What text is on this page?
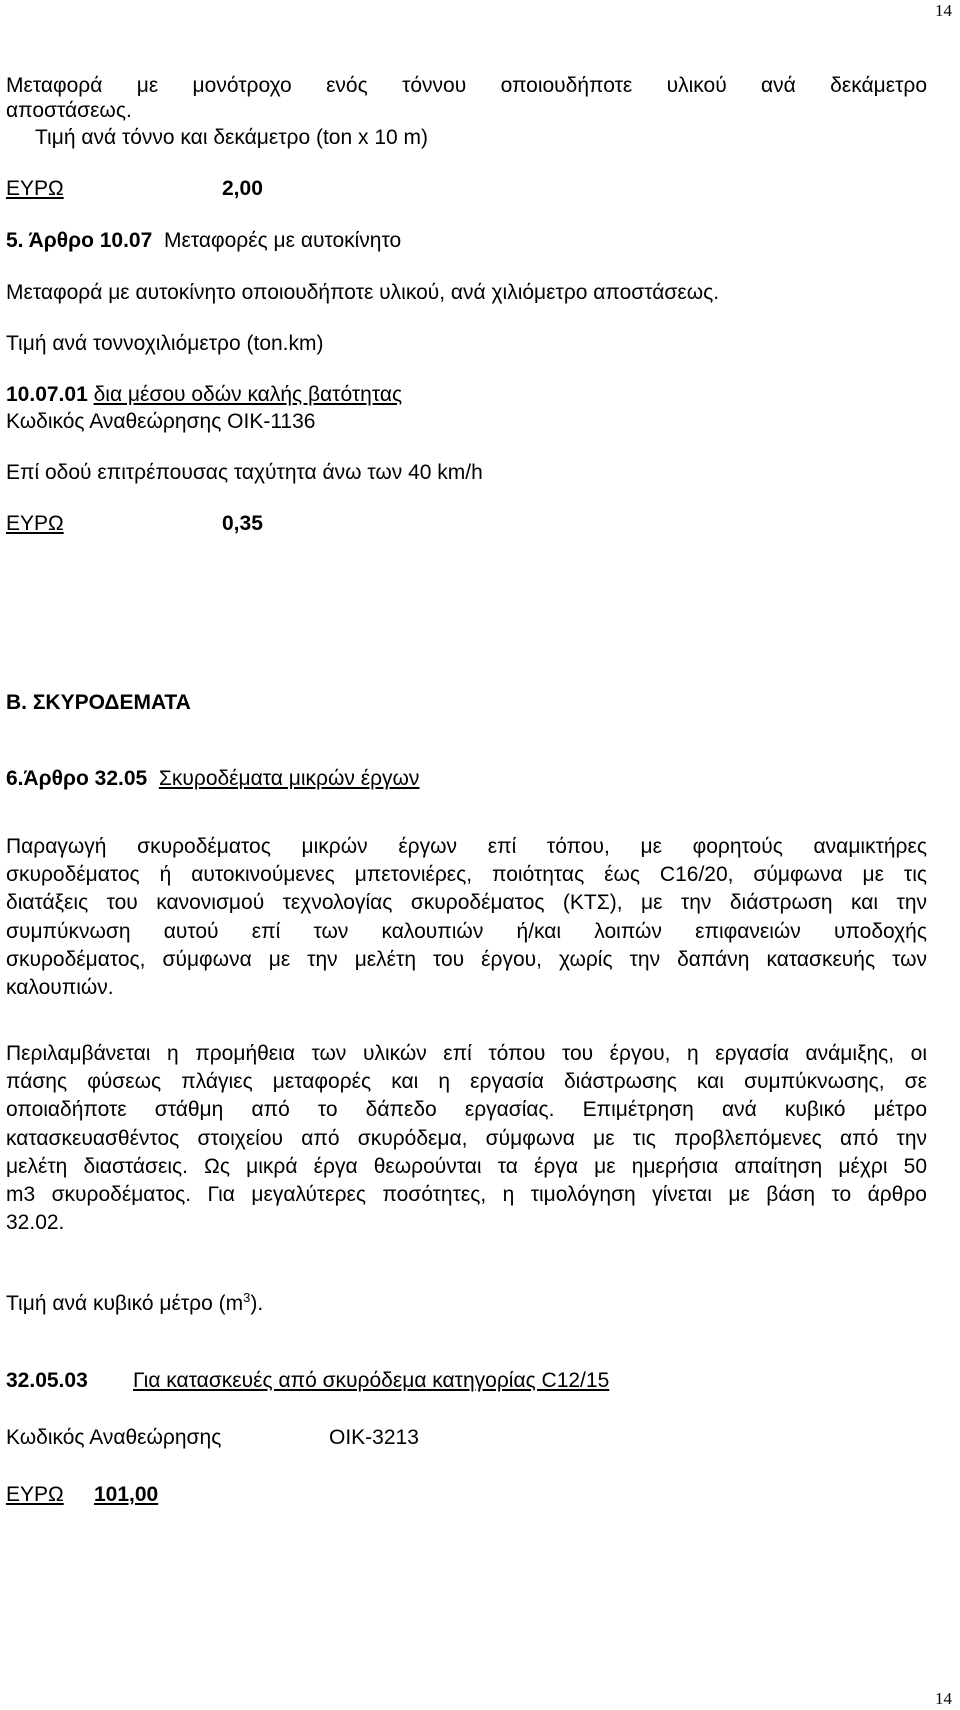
14
14
Μεταφορά με μονότροχο ενός τόννου οποιουδήποτε υλικού ανά δεκάμετρο
αποστάσεως.
Τιμή ανά τόννο και δεκάμετρο (ton x 10 m)
ΕΥΡΩ	2,00
5. Άρθρο 10.07 Μεταφορές με αυτοκίνητο
Μεταφορά με αυτοκίνητο οποιουδήποτε υλικού, ανά χιλιόμετρο αποστάσεως.
Τιμή ανά τοννοχιλιόμετρο (ton.km)
10.07.01 δια μέσου οδών καλής βατότητας
Κωδικός Αναθεώρησης ΟΙΚ-1136
Επί οδού επιτρέπουσας ταχύτητα άνω των 40 km/h
ΕΥΡΩ	0,35
Β. ΣΚΥΡΟΔΕΜΑΤΑ
6.Άρθρο 32.05 Σκυροδέματα μικρών έργων
Παραγωγή σκυροδέματος μικρών έργων επί τόπου, με φορητούς αναμικτήρες
σκυροδέματος ή αυτοκινούμενες μπετονιέρες, ποιότητας έως C16/20, σύμφωνα με τις
διατάξεις του κανονισμού τεχνολογίας σκυροδέματος (ΚΤΣ), με την διάστρωση και την
συμπύκνωση αυτού επί των καλουπιών ή/και λοιπών επιφανειών υποδοχής
σκυροδέματος, σύμφωνα με την μελέτη του έργου, χωρίς την δαπάνη κατασκευής των
καλουπιών.
Περιλαμβάνεται η προμήθεια των υλικών επί τόπου του έργου, η εργασία ανάμιξης, οι
πάσης φύσεως πλάγιες μεταφορές και η εργασία διάστρωσης και συμπύκνωσης, σε
οποιαδήποτε στάθμη από το δάπεδο εργασίας. Επιμέτρηση ανά κυβικό μέτρο
κατασκευασθέντος στοιχείου από σκυρόδεμα, σύμφωνα με τις προβλεπόμενες από την
μελέτη διαστάσεις. Ως μικρά έργα θεωρούνται τα έργα με ημερήσια απαίτηση μέχρι 50
m3 σκυροδέματος. Για μεγαλύτερες ποσότητες, η τιμολόγηση γίνεται με βάση το άρθρο
32.02.
Τιμή ανά κυβικό μέτρο $(m^3)$.
32.05.03 Για κατασκευές από σκυρόδεμα κατηγορίας C12/15
Κωδικός Αναθεώρησης	ΟΙΚ-3213
ΕΥΡΩ 101,00
